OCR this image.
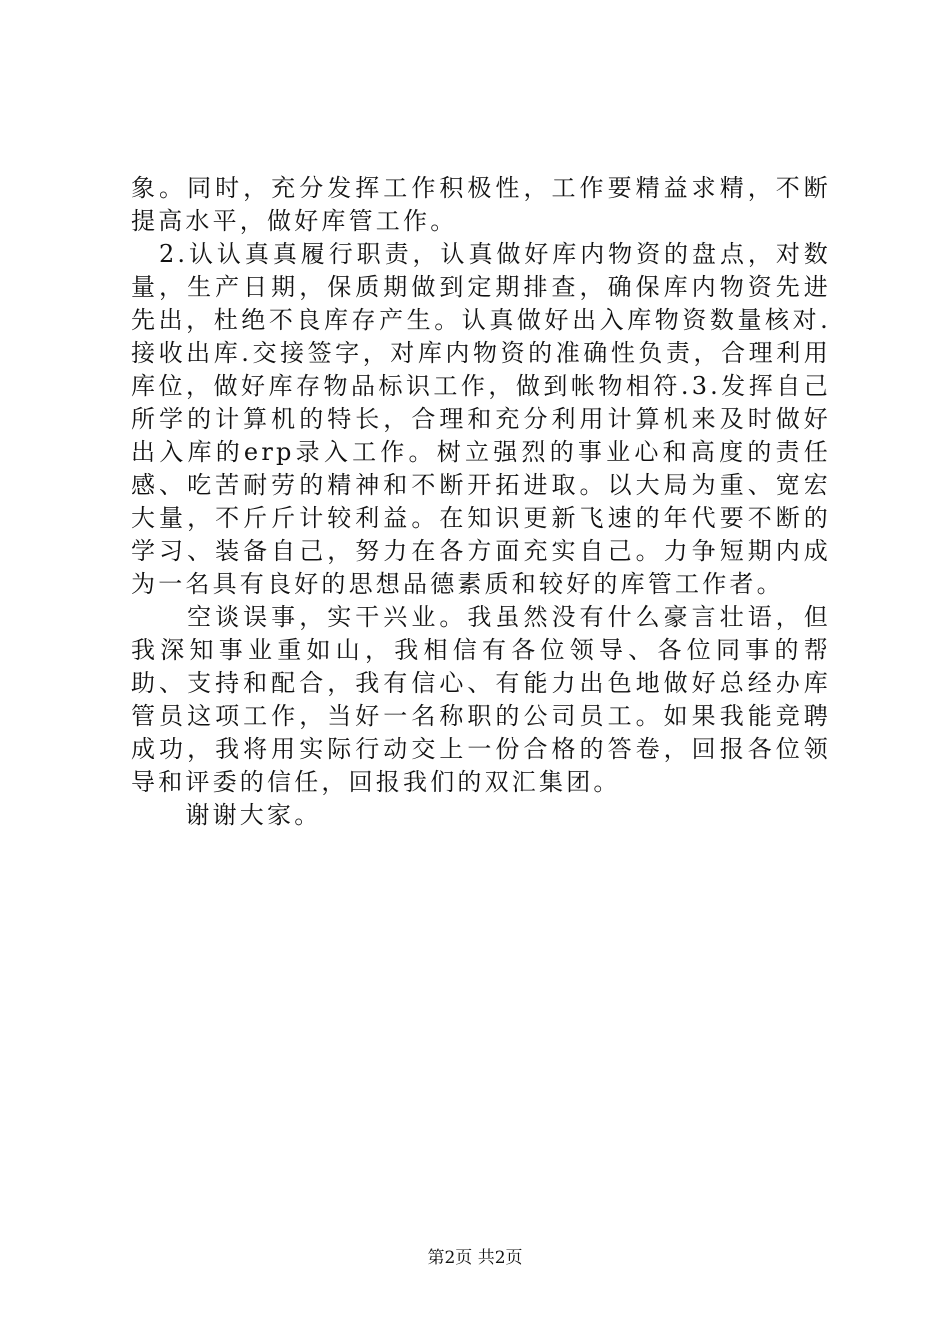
象。同时，充分发挥工作积极性，工作要精益求精，不断提高水平，做好库管工作。

　2.认认真真履行职责，认真做好库内物资的盘点，对数量，生产日期，保质期做到定期排查，确保库内物资先进先出，杜绝不良库存产生。认真做好出入库物资数量核对.接收出库.交接签字，对库内物资的准确性负责，合理利用库位，做好库存物品标识工作，做到帐物相符.3.发挥自己所学的计算机的特长，合理和充分利用计算机来及时做好出入库的erp录入工作。树立强烈的事业心和高度的责任感、吃苦耐劳的精神和不断开拓进取。以大局为重、宽宏大量，不斤斤计较利益。在知识更新飞速的年代要不断的学习、装备自己，努力在各方面充实自己。力争短期内成为一名具有良好的思想品德素质和较好的库管工作者。

　　空谈误事，实干兴业。我虽然没有什么豪言壮语，但我深知事业重如山，我相信有各位领导、各位同事的帮助、支持和配合，我有信心、有能力出色地做好总经办库管员这项工作，当好一名称职的公司员工。如果我能竞聘成功，我将用实际行动交上一份合格的答卷，回报各位领导和评委的信任，回报我们的双汇集团。

　　谢谢大家。

第2页 共2页
